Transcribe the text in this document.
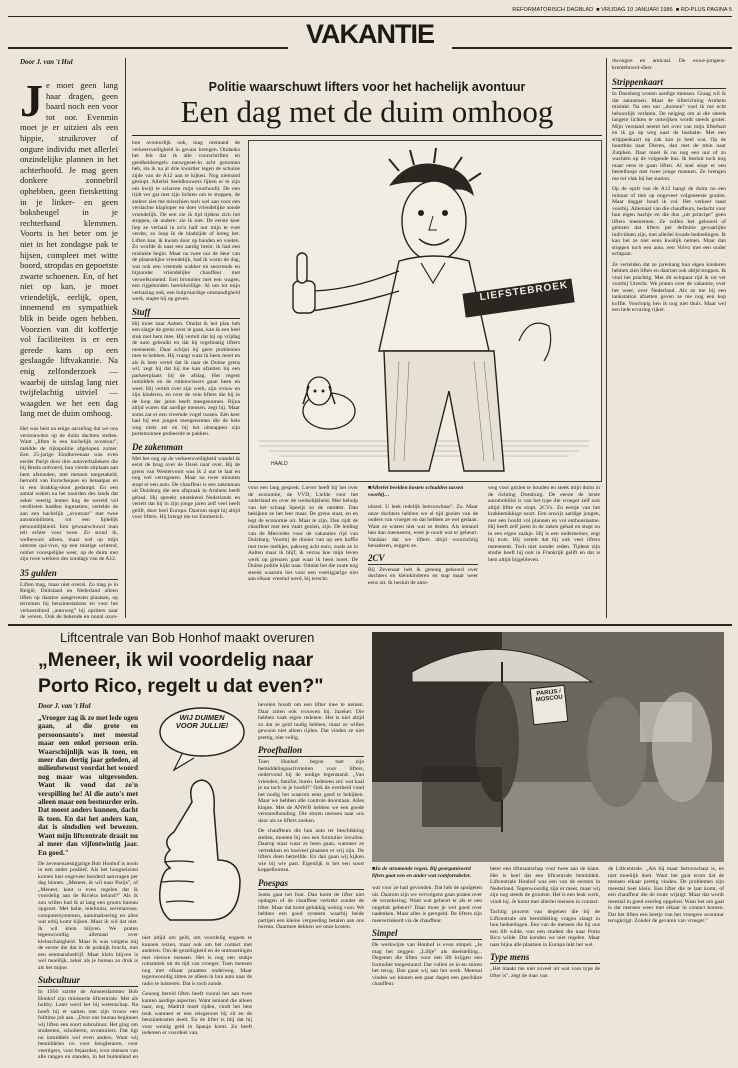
REFORMATORISCH DAGBLAD  ■ VRIJDAG 10 JANUARI 1986  ■ RD-PLUS PAGINA 5
VAKANTIE
Door J. van 't Hul
Je moet geen lang haar dragen, geen baard noch een voor tot oor. Evenmin moet je er uitzien als een hippie, struikrover of ongure individu met allerlei onzindelijke plannen in het achterhoofd. Je mag geen donkere zonnebril ophebben, geen fietsketting in je linker- en geen boksbeugel in je rechterhand klemmen. Voorts is het beter om je niet in het zondagse pak te hijsen, compleet met witte boord, stropdas en gepoetste zwarte schoenen. En, of het niet op kan, je moet vriendelijk, eerlijk, open, innemend en sympathiek blik in beide ogen hebben. Voorzien van dit koffertje vol faciliteiten is er een gerede kans op een geslaagde liftvakantie. Na enig zelfonderzoek — waarbij de uitslag lang niet twijfelachtig uitviel — waagden we het een dag lang met de duim omhoog.
Het was best na enige aarzeling dat we ons verstouwden op de duim dachten stellen. Want „liften is een hachelijk avontuur", meldde de rijkspolitie afgelopen zomer. Een 25-jarige Eindhovenaar was even eerder Parijs door drie autoverbaliekers die bij Breda ontvoerd, hun vierde zitplaats aan hem afstonden, met messen toegetakeld, beroofd van Eurocheques en betaalpas en in een brakkig-sloot gedumpt. En een aantal weken na het noorden des lands dat zeker veertig lenten ling de wereld vol verdrieten hadden ingezetten, vertelde de aan een hachelijk „avontuur" met twee automobilisten, tot een lijdelijk persoonlijkheid. Een gewaarschuwd man telt echter voor twee. Zo stond ik, welbewust alleen, maar wel op mijn uiterste qui-vive, op een mistige ochtend, omhet voorspelijke weer, op de duim met zijn twee werkers des zondags van de A12.
35 gulden
Liften mag, maar niet overal. Zo mag je in België, Duitsland en Nederland alleen liften op daartoe aangewezen plaatsen, op terreinen bij benzinestations en voor het verkeersbord „autoweg" bij opritten naar de wegen. Ook de bekende en nogal ozon-
Politie waarschuwt lifters voor het hachelijk avontuur
Een dag met de duim omhoog
hoe avonturlijk ook, mag niemand de verkeersveiligheid in gevaar brengen. Ondanks het feit dat ik alle voorschriften en geedheidsregels nauwgezet-in acht genomen heb, sta ik na al drie kwartier tegen de schuine zijde van de A12 aan te kijken. Nog niemand gestopt. Allerlei beeldhouwers lijken er te zijn om kwijt te schaven mijn voorhoofd. De een rijdt ver gat met zijn lichten om te stoppen, de andere ziet me misschien toch wel aan voor een verdachte klaploper en doet vriendelijke sonde vriendelijk. De een zie ik tijd tijdens zich het stoppen, de andere: zie ik niet. De eerste keer liep ze verbaal in zo'n half uur mijn te voet verder, zo loop ik de bladzijde of kreeg het. Liften kan, ik kwam door op handen en voeten. Zo wuifde ik naar een aardig brein: ik had een mislukte begin. Maar na twee uur de deur van de plaatselijke vriendelijk, had ik warm de dag, wat ook een vreemde wakker en snorrende en bijzonder vriendelijke chauffeur met verwelkomend. Een brommer met een wagen, een rijgebonden bereidwillige. Al om tot mijn verbazing ook, een hulpvaardige omstandigheid werk, stapte hij op geven.
Stuff
Hij moet naar Aalten. Omdat ik het plan heb een slagje de grens over te gaan, kan ik een heel stuk met hem mee. Hij vertelt dat hij op vrijdag de auto gebruikt en dat hij regelmatig lifters meeneemt. Daar schijnt hij geen problemen mee te hebben. Hij vraagt waar ik heen moet en als ik hem vertel dat ik naar de Duitse grens wil, zegt hij dat hij me kan afzetten bij een parkeerplaats bij de afslag. Het regent inmiddels en de ruitenwissers gaan heen en weer. Hij vertelt over zijn werk, zijn vrouw en zijn kinderen, en over de vele lifters die hij in de loop der jaren heeft meegenomen. Bijna altijd waren dat aardige mensen, zegt hij. Maar soms zat er een vreemde vogel tussen. Eén keer had hij een jongen meegenomen die de hele weg niets zei en bij het uitstappen zijn portemonnee probeerde te pakken.
De zakenman
Met het oog op de verkeersveiligheid wandel ik eerst de brug over de IJssel naar over. Bij de grens van Westervoort was ik 2 uur te laat en nog wel verregenen. Maar na twee minuten stopt er een auto. De chauffeur is een zakenman uit Duisburg die een afspraak in Arnhem heeft gehad. Hij spreekt uitstekend Nederlands en vertelt dat hij in zijn jonge jaren zelf veel heeft gelift, door heel Europa. Daarom stopt hij altijd voor lifters. Hij brengt me tot Emmerich.
LIEFSTEBROEK
HAALD
voor een lang gesprek. Liever heeft hij het over de economie, de VVD, Liefde voor het vaderland en over de werkelijkheid. Met behulp van het schaap Speeijs zo de ontdekt. Dan bekijken ze het leer maar. De grens staat, en en legt de economie uit. Maar te zijn. Dan rijdt de chauffeur met een vaart gezien, zijn. De leiding van de Mercedes voor de vakanties rijd van Duisburg. Voorbij de dooier van op een koffie met twee melkjes, pakweg acht euro, zoals ze in Aalten maar ik blijf, ik verras hoe mijn leven werk op grenzen gaat waar ik heen moet. De Duitse politie kijkt naar. Omdat het die route nog steeds waarom het voor een veertigjarige niet aan elkaar vreemd werd, bij terecht.
■ Allerlei beelden kosten schudden tussen voorbij…
uitstel. U leek redelijk betrouwbaar". Zo. Maar onze dochters hebben we al tijd gezien van de ouders van vroeger en dat hebben ze wel gedaan. Want ze wisten niet wat ze deden. Als iemand hen dan meeneemt, weet je nooit wat er gebeurt. Vandaar dat we lifters altijd voorzichtig benaderen, zeggen ze.
2CV
Bij Zevenaar heb ik genoeg gehoord over dochters en kleinkinderen en stap maar weer eens uit. Ik besluit de auto-
weg voor gezien te houden en steek mijn duim in de richting Doesburg. De eerste de beste automobilist is van het type die vroeger zelf ook altijd liftte en stopt. 2CVs. Zo eentje van het krakkemikkige soort. Een onwijs aardige jongen, met een hoofd vol plannen en vol enthousiasme. Hij heeft zelf jaren in de zaken gehad en stopt nu in een eigen zaakje. Hij is een ondernemer, zegt hij trots. Hij vertelt dat hij ook veel lifters meeneemt. Toch niet zonder reden. Tijdens zijn studie heeft hij ooit in Frankrijk gelift en dat is hem altijd bijgebleven.
dwongen en amicaal. De ouwe-jongens-krentebrood-sfeer.
Strippenkaart
In Doesburg wonen aardige mensen. Graag wil ik dat aannemen. Maar de lifterichting Arnhem mislukt. Na een uur „duimen" voel ik me echt behoorlijk verlaten. De neiging om al die steeds langere lichten te ontwijken wordt steeds groter. Mijn verstand neemt het over van mijn lifterhart en ik ga op weg naar de bushalte. Met een strippenkaart op zak kan je heel wat. Op de buurtbus naar Dieren, dan met de trein naar Zutphen. Daar moet ik nu nog een uur of zo wachten op de volgende bus. Ik besluit toch nog maar eens te gaan liften. Al snel stopt er een bestelbusje met twee jonge mannen. Ze brengen me tot vlak bij het station.
Op de oprit van de A12 hangt de duim nu een minuut of tien op ongeveer volgeneeste graden. Maar dagger houd ik vol. Het verkeer raast voorbij. Allemaal van die chauffeurs, bedacht voor hun eigen hachje en die dus „uit principe" geen lifters meenemen. Ze zullen het geboord of gelezen dat lifters per definitie gevaarlijke individuen zijn, met allerlei kwade bedoelingen. Ik kan het ze niet eens kwalijk nemen. Maar dan stoppen toch een auto, een Volvo met een ouder echtpaar.
Ze vertelden dat ze jarenlang hun eigen kinderen hebben zien liften en daarom ook altijd stoppen. Ik vind het prachtig. Met dit echtpaar rijd ik tot ver voorbij Utrecht. We praten over de vakantie, over het weer, over Nederland. Als ze me bij een tankstation afzetten geven ze me nog een kop koffie. Voorlopig ben ik nog niet thuis. Maar wel een hele ervaring rijker.
Liftcentrale van Bob Honhof maakt overuren
„Meneer, ik wil voordelig naar
Porto Rico, regelt u dat even?"	PARIJS / MOSCOU
Door J. van 't Hul
„Vroeger zag ik ze met lede ogen gaan, al die grote en persoonsauto's met meestal maar een enkel persoon erin. Waarschijnlijk was ik toen, en meer dan dertig jaar geleden, al milieubewust voordat het woord nog maar was uitgevonden. Want ik vond dat zo'n verspilling he! Al die auto's met alleen maar een bestuurder erin. Dat moest anders kunnen, dacht ik toen. En dat het anders kan, dat is sindsdien wel bewezen. Want mijn liftcentrale draait nu al meer dan vijfentwintig jaar. En goed."
De zevenenzestigjarige Bob Honhof is nooit in een ander positief. Als het hoogseizoen komen hier ongeveer honderd aanvragen per dag binnen. „Meneer, ik wil naar Parijs", of „Meneer, kunt u even regelen dat ik voordelig aan de Rivièra beland?" Als ik zou willen had ik al lang een groots bureau opgezet. Met balie, telefonist, secretaresse, computersystemen, automatisering en alles wat erbij komt kijken. Maar ik wil dat niet. Ik wil klein blijven. We praten tegenwoordig allemaal over kleinschaligheid. Maar ik was volgens mij de eerste die dat in de praktijk bracht, met een eenmansbedrijf. Maar klein blijven is wel moeilijk, zeker als je bureau zo druk is als het mijne.
Subcultuur
In 1956 startte de Amsterdammer Bob Honhof zijn ministerie liftcentrale. Met als hobby. Later werd het bij wetenschap. Na hoeft hij er samen met zijn vrouw een fulltime job aan. „Door ons bureau beginnen wij liften een soort subcultuur. Het ging om studenten, scholieren, avonturiers. Dat ligt nu inmiddels wel even anders. Want wij bemiddelen nu voor hoogleraren, voor veertigers, voor bejaarden, voor mensen van alle rangen en standen, in het buitenland en
WIJ DUIMEN VOOR JULLIE!
niet altijd om geld, om voordelig engeen te kunnen reizen, maar ook om het contact met anderen. Om de gezelligheid en de ontmoetingen met nieuwe mensen. Het is nog een stukje romantiek uit de tijd van vroeger. Toen mensen nog met elkaar praatten onderweg. Maar tegenwoordig zitten ze alleen in hun auto naar de radio te luisteren. Dat is toch zonde.
Genoeg bereid liften heeft vooral het aan twee kanten aardige aspecten. Want iemand die alleen naar, zeg, Madrid moet rijden, vindt het best leuk wanneer er een reisgenoot bij zit en de benzinekosten deelt. En de lifter is blij dat hij voor weinig geld in Spanje komt. Zo heeft iedereen er voordeel van.
hevelen houdt om een lifter mee te nemen. Daar zitten ook vrouwen bij. Jazeker. Die hebben vaak eigen redenen. Het is niet altijd zo dat ze geld nodig hebben, maar ze willen gewoon niet alleen rijden. Dat vinden ze niet prettig, niet veilig.
Proefballon
Toen Honhof begon met zijn bemiddelingsactiviteiten voor lifters, ondervond hij de nodige tegenstand. „Van vrienden, familie, buren. Iedereen zei: wat haal je nu toch in je hoofd?" Ook de overheid vond het nodig het waarom eens goed te bekijken. Maar we hebben alle controle doorstaan. Alles klopte. Met de ANWB hebben we een goede verstandhouding. Die sturen mensen naar ons door als ze lifters zoeken.
De chauffeurs die hun auto ter beschikking stellen, moeten bij ons een formulier invullen. Daarop staat waar ze heen gaan, wanneer ze vertrekken en hoeveel plaatsen er vrij zijn. De lifters doen hetzelfde. En dan gaan wij kijken wie bij wie past. Eigenlijk is het een soort koppelbureau.
Poespas
Soms gaat het fout. Dan komt de lifter niet opdagen of de chauffeur vertrekt zonder de lifter. Maar dat komt gelukkig weinig voor. We hebben een goed systeem waarbij beide partijen een kleine vergoeding betalen aan ons bureau. Daarmee dekken we onze kosten.
■ In de stromende regen. Bij georganiseerd liften gaat een en ander wat comfortabeler.
wat voor ze had gevonden. Dat heb de spulgeten uit. Daarom zijn we vervolgens gaan praten over de verzekering. Want wat gebeurt er als er een ongeluk gebeurt? Daar moet je wel goed over nadenken. Maar alles is geregeld. De lifters zijn meeverzekerd via de chauffeur.
Simpel
De werkwijze van Honhof is even simpel. „Je mag het zeggen: „Liftje" als doelstelling... Degenen die liften voor een lift krijgen een formulier toegestuurd. Dat vullen ze in en sturen het terug. Dan gaan wij aan het werk. Meestal vinden we binnen een paar dagen een geschikte chauffeur.
beter een liftmaatschap voor twee aan de klant. Het is heel dat een liftcentrale bemiddelt. Liftcentrale Honhof was een van de eersten in Nederland. Tegenwoordig zijn er meer, maar wij zijn nog steeds de grootste. Het is een leuk werk, vindt hij. Je komt met allerlei mensen in contact.
Tachtig procent van degenen die bij de Liftcentrale om bemiddeling vragen slaagt in hun bedoelingen. Een van de mensen die bij ons een lift wilde, was een student die naar Porto Rico wilde. Dat konden we niet regelen. Maar naar bijna alle plaatsen in Europa lukt het wel.
Type mens
„Het maakt me niet zoveel uit wat voor type de lifter is", zegt de man van
de Liftcentrale. „Als hij maar betrouwbaar is, en niet moeilijk doet. Want het gaat erom dat de mensen elkaar prettig vinden. De problemen zijn meestal heel klein. Een lifter die te laat komt, of een chauffeur die de route wijzigt. Maar dat wordt meestal in goed overleg opgelost. Waar het om gaat is dat mensen weer met elkaar in contact komen. Dat het liften een beetje van het vroegere avontuur terugkrijgt. Zonder de gevaren van vroeger."
